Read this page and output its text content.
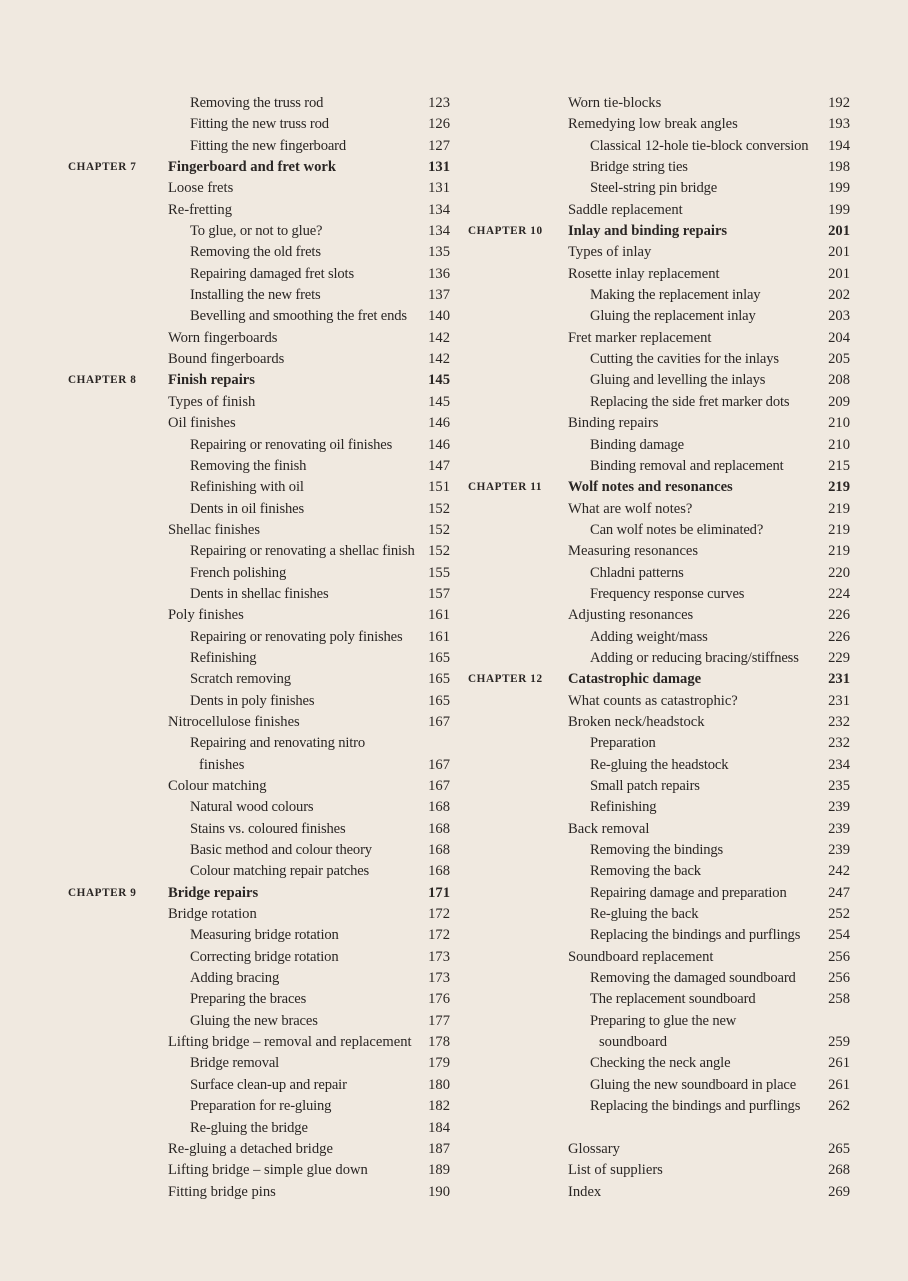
Removing the truss rod	123
Fitting the new truss rod	126
Fitting the new fingerboard	127
CHAPTER 7 Fingerboard and fret work	131
Loose frets	131
Re-fretting	134
To glue, or not to glue?	134
Removing the old frets	135
Repairing damaged fret slots	136
Installing the new frets	137
Bevelling and smoothing the fret ends 140
Worn fingerboards	142
Bound fingerboards	142
CHAPTER 8 Finish repairs	145
Types of finish	145
Oil finishes	146
Repairing or renovating oil finishes 146
Removing the finish	147
Refinishing with oil	151
Dents in oil finishes	152
Shellac finishes	152
Repairing or renovating a shellac finish 152
French polishing	155
Dents in shellac finishes	157
Poly finishes	161
Repairing or renovating poly finishes 161
Refinishing	165
Scratch removing	165
Dents in poly finishes	165
Nitrocellulose finishes	167
Repairing and renovating nitro
finishes	167
Colour matching	167
Natural wood colours	168
Stains vs. coloured finishes	168
Basic method and colour theory	168
Colour matching repair patches	168
CHAPTER 9 Bridge repairs	171
Bridge rotation	172
Measuring bridge rotation	172
Correcting bridge rotation	173
Adding bracing	173
Preparing the braces	176
Gluing the new braces	177
Lifting bridge – removal and replacement 178
Bridge removal	179
Surface clean-up and repair	180
Preparation for re-gluing	182
Re-gluing the bridge	184
Re-gluing a detached bridge	187
Lifting bridge – simple glue down	189
Fitting bridge pins	190
Worn tie-blocks	192
Remedying low break angles	193
Classical 12-hole tie-block conversion 194
Bridge string ties	198
Steel-string pin bridge	199
Saddle replacement	199
CHAPTER 10 Inlay and binding repairs	201
Types of inlay	201
Rosette inlay replacement	201
Making the replacement inlay	202
Gluing the replacement inlay	203
Fret marker replacement	204
Cutting the cavities for the inlays	205
Gluing and levelling the inlays	208
Replacing the side fret marker dots	209
Binding repairs	210
Binding damage	210
Binding removal and replacement	215
CHAPTER 11 Wolf notes and resonances	219
What are wolf notes?	219
Can wolf notes be eliminated?	219
Measuring resonances	219
Chladni patterns	220
Frequency response curves	224
Adjusting resonances	226
Adding weight/mass	226
Adding or reducing bracing/stiffness 229
CHAPTER 12 Catastrophic damage	231
What counts as catastrophic?	231
Broken neck/headstock	232
Preparation	232
Re-gluing the headstock	234
Small patch repairs	235
Refinishing	239
Back removal	239
Removing the bindings	239
Removing the back	242
Repairing damage and preparation	247
Re-gluing the back	252
Replacing the bindings and purflings 254
Soundboard replacement	256
Removing the damaged soundboard 256
The replacement soundboard	258
Preparing to glue the new
soundboard	259
Checking the neck angle	261
Gluing the new soundboard in place 261
Replacing the bindings and purflings 262
Glossary	265
List of suppliers	268
Index	269
